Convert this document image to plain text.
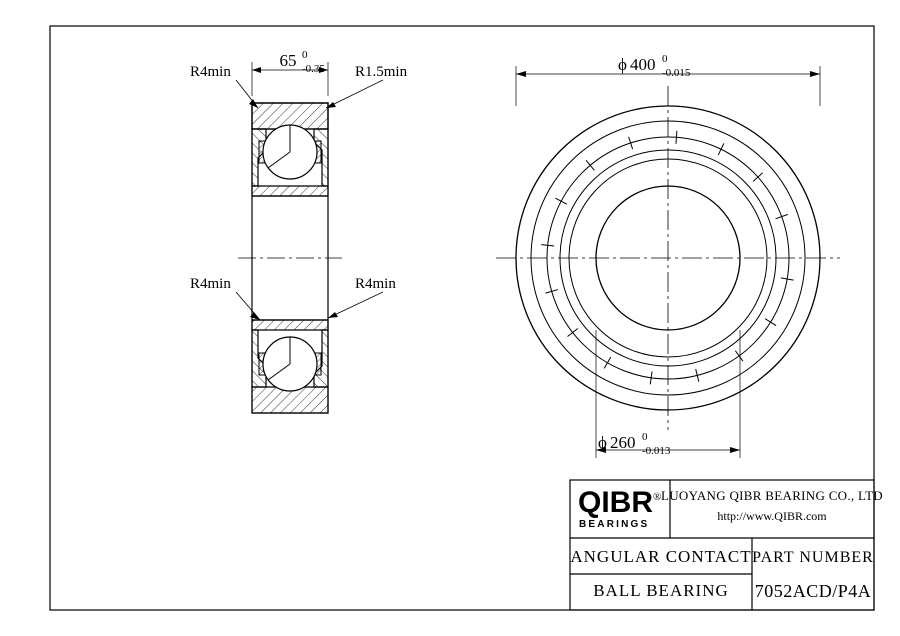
65 0
-0.35
R4min	R1.5min
R4min	R4min
ϕ 400 0
-0.015
ϕ 260 0
-0.013
QIBR ®
BEARINGS
LUOYANG QIBR BEARING CO., LTD
http://www.QIBR.com
ANGULAR CONTACT
BALL BEARING
PART NUMBER
7052ACD/P4A
